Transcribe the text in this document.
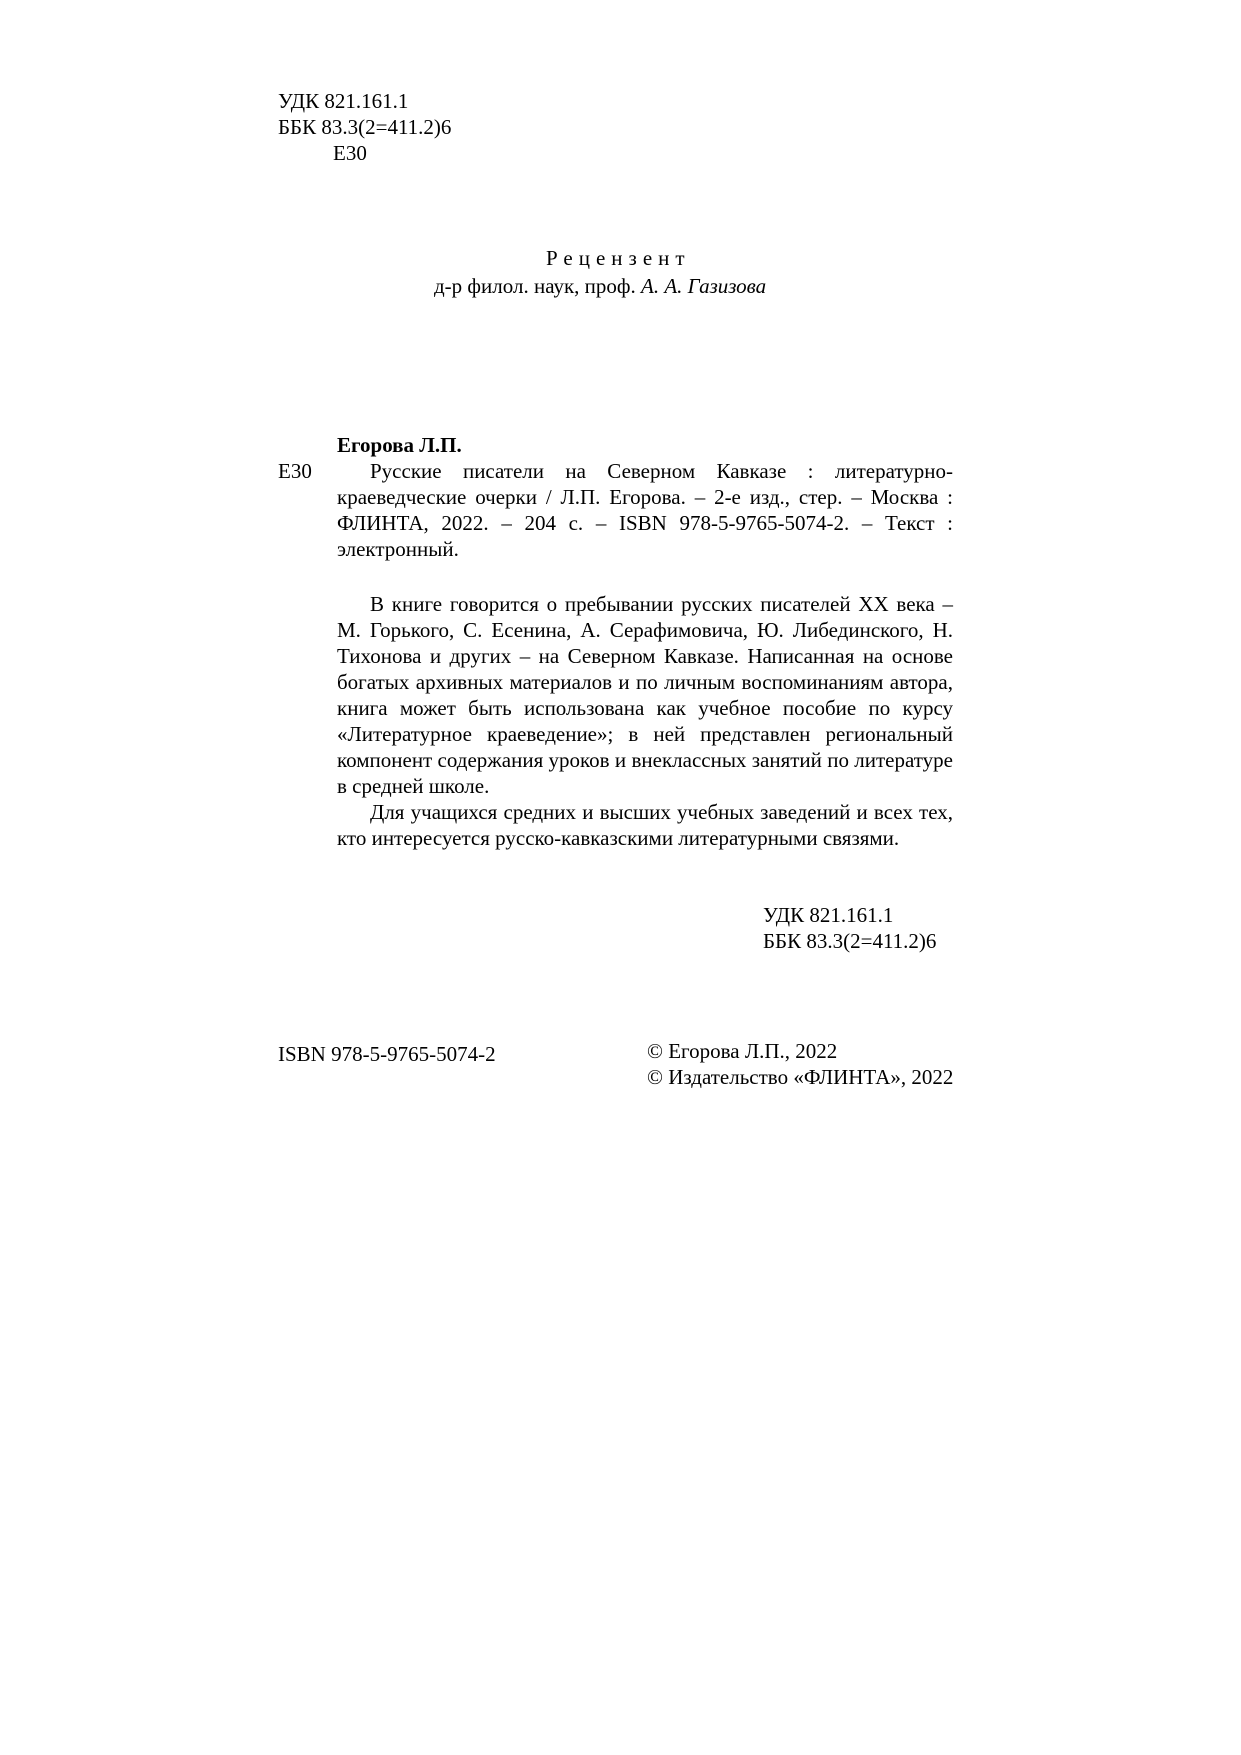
УДК 821.161.1
ББК 83.3(2=411.2)6
Е30
Рецензент
д-р филол. наук, проф. А. А. Газизова
Егорова Л.П.
Е30	Русские писатели на Северном Кавказе : литературно-краеведческие очерки / Л.П. Егорова. – 2-е изд., стер. – Москва : ФЛИНТА, 2022. – 204 с. – ISBN 978-5-9765-5074-2. – Текст : электронный.

В книге говорится о пребывании русских писателей XX века – М. Горького, С. Есенина, А. Серафимовича, Ю. Либединского, Н. Тихонова и других – на Северном Кавказе. Написанная на основе богатых архивных материалов и по личным воспоминаниям автора, книга может быть использована как учебное пособие по курсу «Литературное краеведение»; в ней представлен региональный компонент содержания уроков и внеклассных занятий по литературе в средней школе.

Для учащихся средних и высших учебных заведений и всех тех, кто интересуется русско-кавказскими литературными связями.

УДК 821.161.1
ББК 83.3(2=411.2)6
ISBN 978-5-9765-5074-2	© Егорова Л.П., 2022
© Издательство «ФЛИНТА», 2022
